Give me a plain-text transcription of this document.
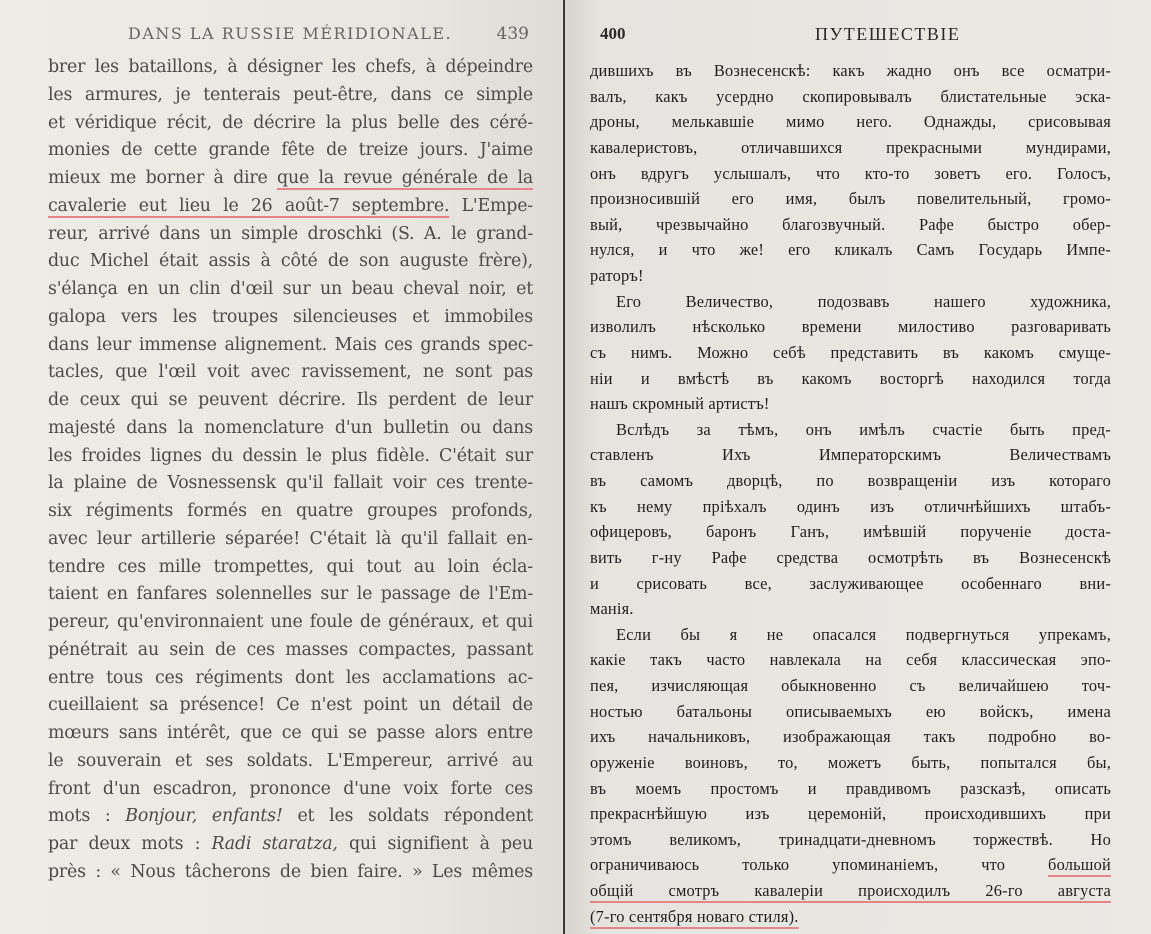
DANS LA RUSSIE MÉRIDIONALE.	439
brer les bataillons, à désigner les chefs, à dépeindre
les armures, je tenterais peut-être, dans ce simple
et véridique récit, de décrire la plus belle des céré-
monies de cette grande fête de treize jours. J'aime
mieux me borner à dire que la revue générale de la
cavalerie eut lieu le 26 août-7 septembre. L'Empe-
reur, arrivé dans un simple droschki (S. A. le grand-
duc Michel était assis à côté de son auguste frère),
s'élança en un clin d'œil sur un beau cheval noir, et
galopa vers les troupes silencieuses et immobiles
dans leur immense alignement. Mais ces grands spec-
tacles, que l'œil voit avec ravissement, ne sont pas
de ceux qui se peuvent décrire. Ils perdent de leur
majesté dans la nomenclature d'un bulletin ou dans
les froides lignes du dessin le plus fidèle. C'était sur
la plaine de Vosnessensk qu'il fallait voir ces trente-
six régiments formés en quatre groupes profonds,
avec leur artillerie séparée! C'était là qu'il fallait en-
tendre ces mille trompettes, qui tout au loin écla-
taient en fanfares solennelles sur le passage de l'Em-
pereur, qu'environnaient une foule de généraux, et qui
pénétrait au sein de ces masses compactes, passant
entre tous ces régiments dont les acclamations ac-
cueillaient sa présence! Ce n'est point un détail de
mœurs sans intérêt, que ce qui se passe alors entre
le souverain et ses soldats. L'Empereur, arrivé au
front d'un escadron, prononce d'une voix forte ces
mots : Bonjour, enfants! et les soldats répondent
par deux mots : Radi staratza, qui signifient à peu
près : « Nous tâcherons de bien faire. » Les mêmes
400	ПУТЕШЕСТВІЕ
дившихъ въ Вознесенскѣ: какъ жадно онъ все осматри-
валъ, какъ усердно скопировывалъ блистательные эска-
дроны, мелькавшіе мимо него. Однажды, срисовывая
кавалеристовъ, отличавшихся прекрасными мундирами,
онъ вдругъ услышалъ, что кто-то зоветъ его. Голосъ,
произносившій его имя, былъ повелительный, громо-
вый, чрезвычайно благозвучный. Рафе быстро обер-
нулся, и что же! его кликалъ Самъ Государь Импе-
раторъ!
Его Величество, подозвавъ нашего художника,
изволилъ нѣсколько времени милостиво разговаривать
съ нимъ. Можно себѣ представить въ какомъ смуще-
ніи и вмѣстѣ въ какомъ восторгѣ находился тогда
нашъ скромный артистъ!
Вслѣдъ за тѣмъ, онъ имѣлъ счастіе быть пред-
ставленъ Ихъ Императорскимъ Величествамъ
въ самомъ дворцѣ, по возвращеніи изъ котораго
къ нему пріѣхалъ одинъ изъ отличнѣйшихъ штабъ-
офицеровъ, баронъ Ганъ, имѣвшій порученіе доста-
вить г-ну Рафе средства осмотрѣть въ Вознесенскѣ
и срисовать все, заслуживающее особеннаго вни-
манія.
Если бы я не опасался подвергнуться упрекамъ,
какіе такъ часто навлекала на себя классическая эпо-
пея, изчисляющая обыкновенно съ величайшею точ-
ностью батальоны описываемыхъ ею войскъ, имена
ихъ начальниковъ, изображающая такъ подробно во-
оруженіе воиновъ, то, можетъ быть, попытался бы,
въ моемъ простомъ и правдивомъ разсказѣ, описать
прекраснѣйшую изъ церемоній, происходившихъ при
этомъ великомъ, тринадцати-дневномъ торжествѣ. Но
ограничиваюсь только упоминаніемъ, что большой
общій смотръ кавалеріи происходилъ 26-го августа
(7-го сентября новаго стиля).
